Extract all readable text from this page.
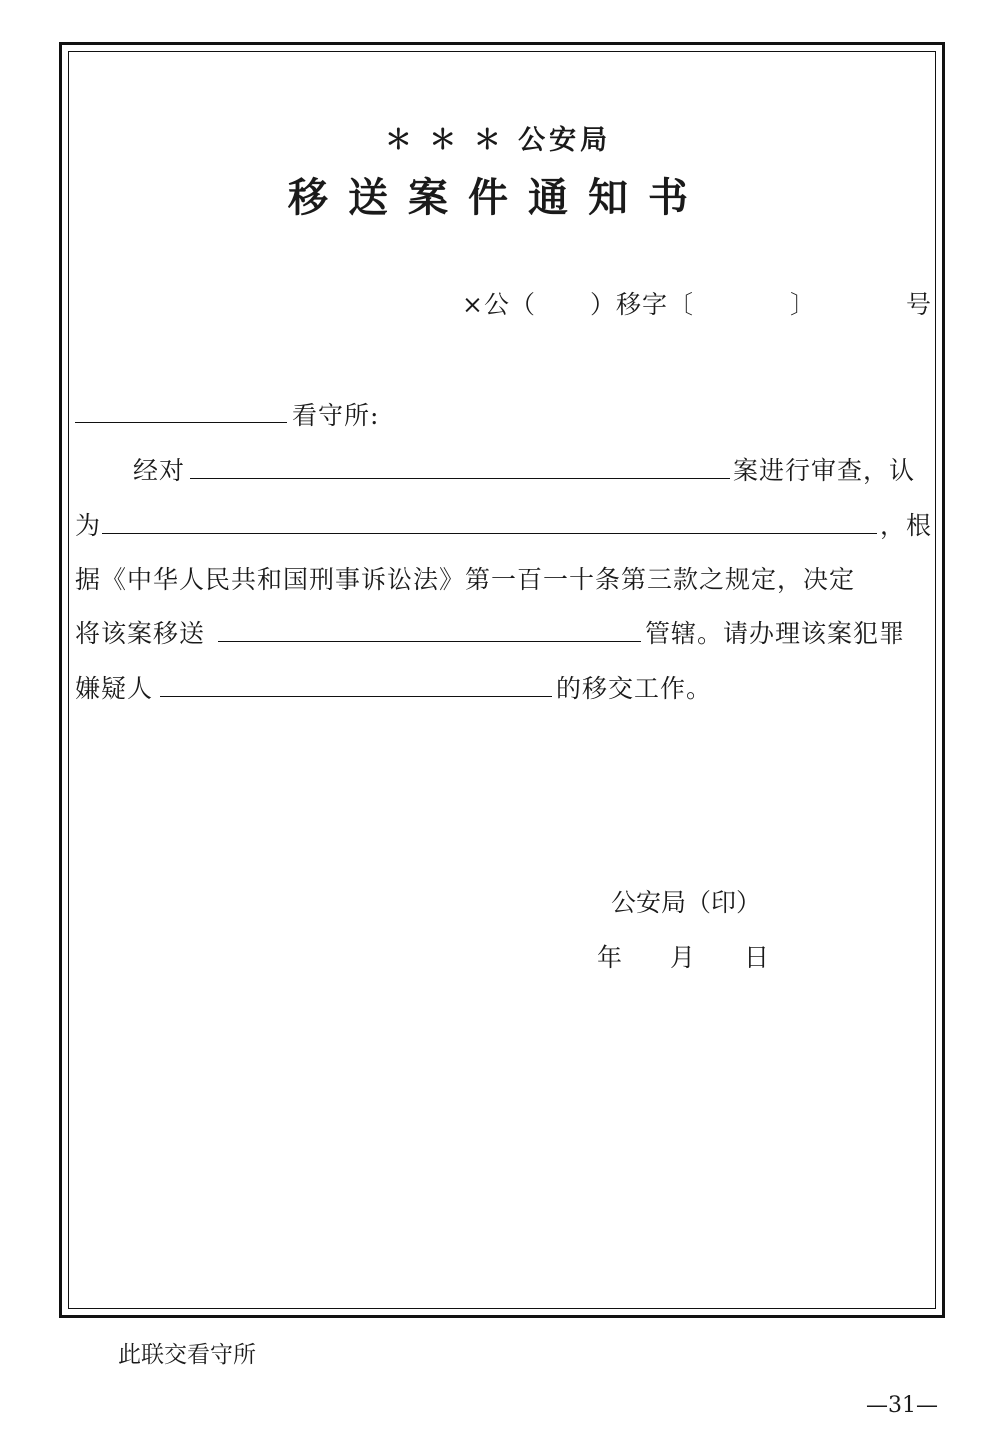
＊ ＊ ＊ 公安局
移送案件通知书
×公（ ）移字〔	〕	号
看守所:
经对	案进行审查，认
为	，根
据《中华人民共和国刑事诉讼法》第一百一十条第三款之规定，决定
将该案移送	管辖。请办理该案犯罪
嫌疑人	的移交工作。
公安局（印）
年 月 日
此联交看守所
—31—
